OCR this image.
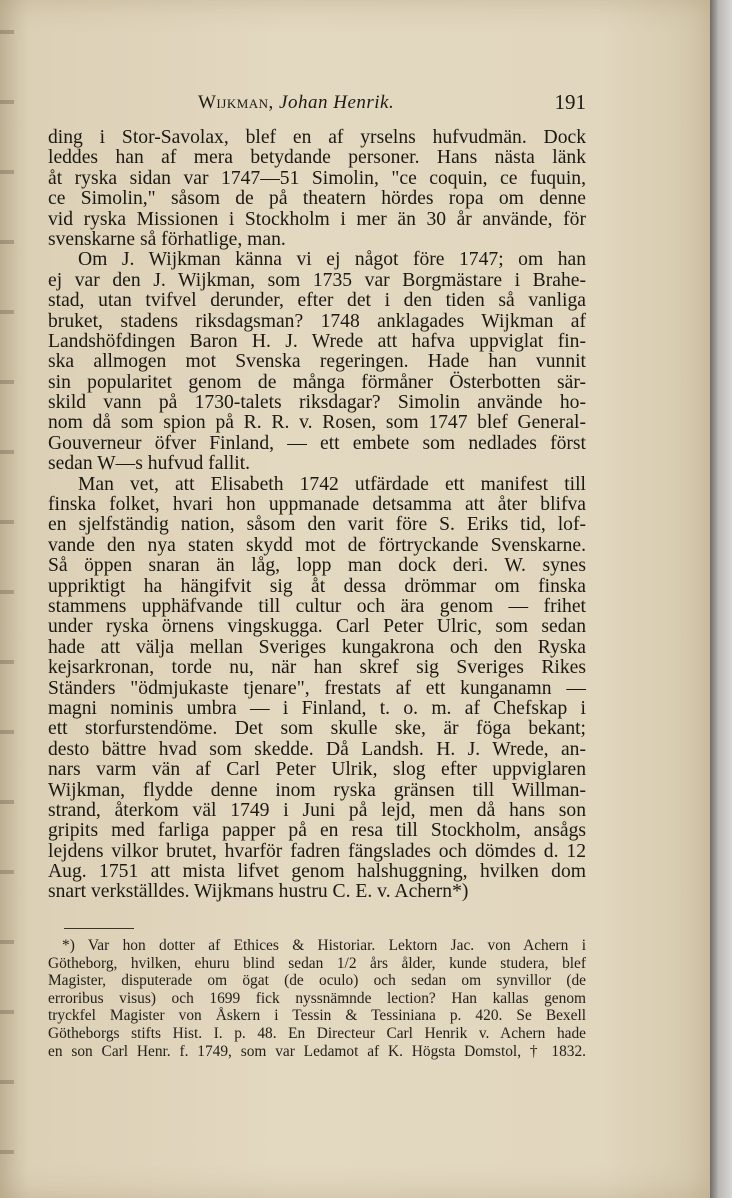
Wijkman, Johan Henrik.	191
ding i Stor-Savolax, blef en af yrselns hufvudmän. Dock
leddes han af mera betydande personer. Hans nästa länk
åt ryska sidan var 1747—51 Simolin, "ce coquin, ce fuquin,
ce Simolin," såsom de på theatern hördes ropa om denne
vid ryska Missionen i Stockholm i mer än 30 år använde, för
svenskarne så förhatlige, man.
Om J. Wijkman känna vi ej något före 1747; om han
ej var den J. Wijkman, som 1735 var Borgmästare i Brahe-
stad, utan tvifvel derunder, efter det i den tiden så vanliga
bruket, stadens riksdagsman? 1748 anklagades Wijkman af
Landshöfdingen Baron H. J. Wrede att hafva uppviglat fin-
ska allmogen mot Svenska regeringen. Hade han vunnit
sin popularitet genom de många förmåner Österbotten sär-
skild vann på 1730-talets riksdagar? Simolin använde ho-
nom då som spion på R. R. v. Rosen, som 1747 blef General-
Gouverneur öfver Finland, — ett embete som nedlades först
sedan W—s hufvud fallit.
Man vet, att Elisabeth 1742 utfärdade ett manifest till
finska folket, hvari hon uppmanade detsamma att åter blifva
en sjelfständig nation, såsom den varit före S. Eriks tid, lof-
vande den nya staten skydd mot de förtryckande Svenskarne.
Så öppen snaran än låg, lopp man dock deri. W. synes
uppriktigt ha hängifvit sig åt dessa drömmar om finska
stammens upphäfvande till cultur och ära genom — frihet
under ryska örnens vingskugga. Carl Peter Ulric, som sedan
hade att välja mellan Sveriges kungakrona och den Ryska
kejsarkronan, torde nu, när han skref sig Sveriges Rikes
Ständers "ödmjukaste tjenare", frestats af ett kunganamn —
magni nominis umbra — i Finland, t. o. m. af Chefskap i
ett storfurstendöme. Det som skulle ske, är föga bekant;
desto bättre hvad som skedde. Då Landsh. H. J. Wrede, an-
nars varm vän af Carl Peter Ulrik, slog efter uppviglaren
Wijkman, flydde denne inom ryska gränsen till Willman-
strand, återkom väl 1749 i Juni på lejd, men då hans son
gripits med farliga papper på en resa till Stockholm, ansågs
lejdens vilkor brutet, hvarför fadren fängslades och dömdes d. 12
Aug. 1751 att mista lifvet genom halshuggning, hvilken dom
snart verkställdes. Wijkmans hustru C. E. v. Achern*)
*) Var hon dotter af Ethices & Historiar. Lektorn Jac. von Achern i
Götheborg, hvilken, ehuru blind sedan 1/2 års ålder, kunde studera, blef
Magister, disputerade om ögat (de oculo) och sedan om synvillor (de
erroribus visus) och 1699 fick nyssnämnde lection? Han kallas genom
tryckfel Magister von Åskern i Tessin & Tessiniana p. 420. Se Bexell
Götheborgs stifts Hist. I. p. 48. En Directeur Carl Henrik v. Achern hade
en son Carl Henr. f. 1749, som var Ledamot af K. Högsta Domstol, † 1832.
